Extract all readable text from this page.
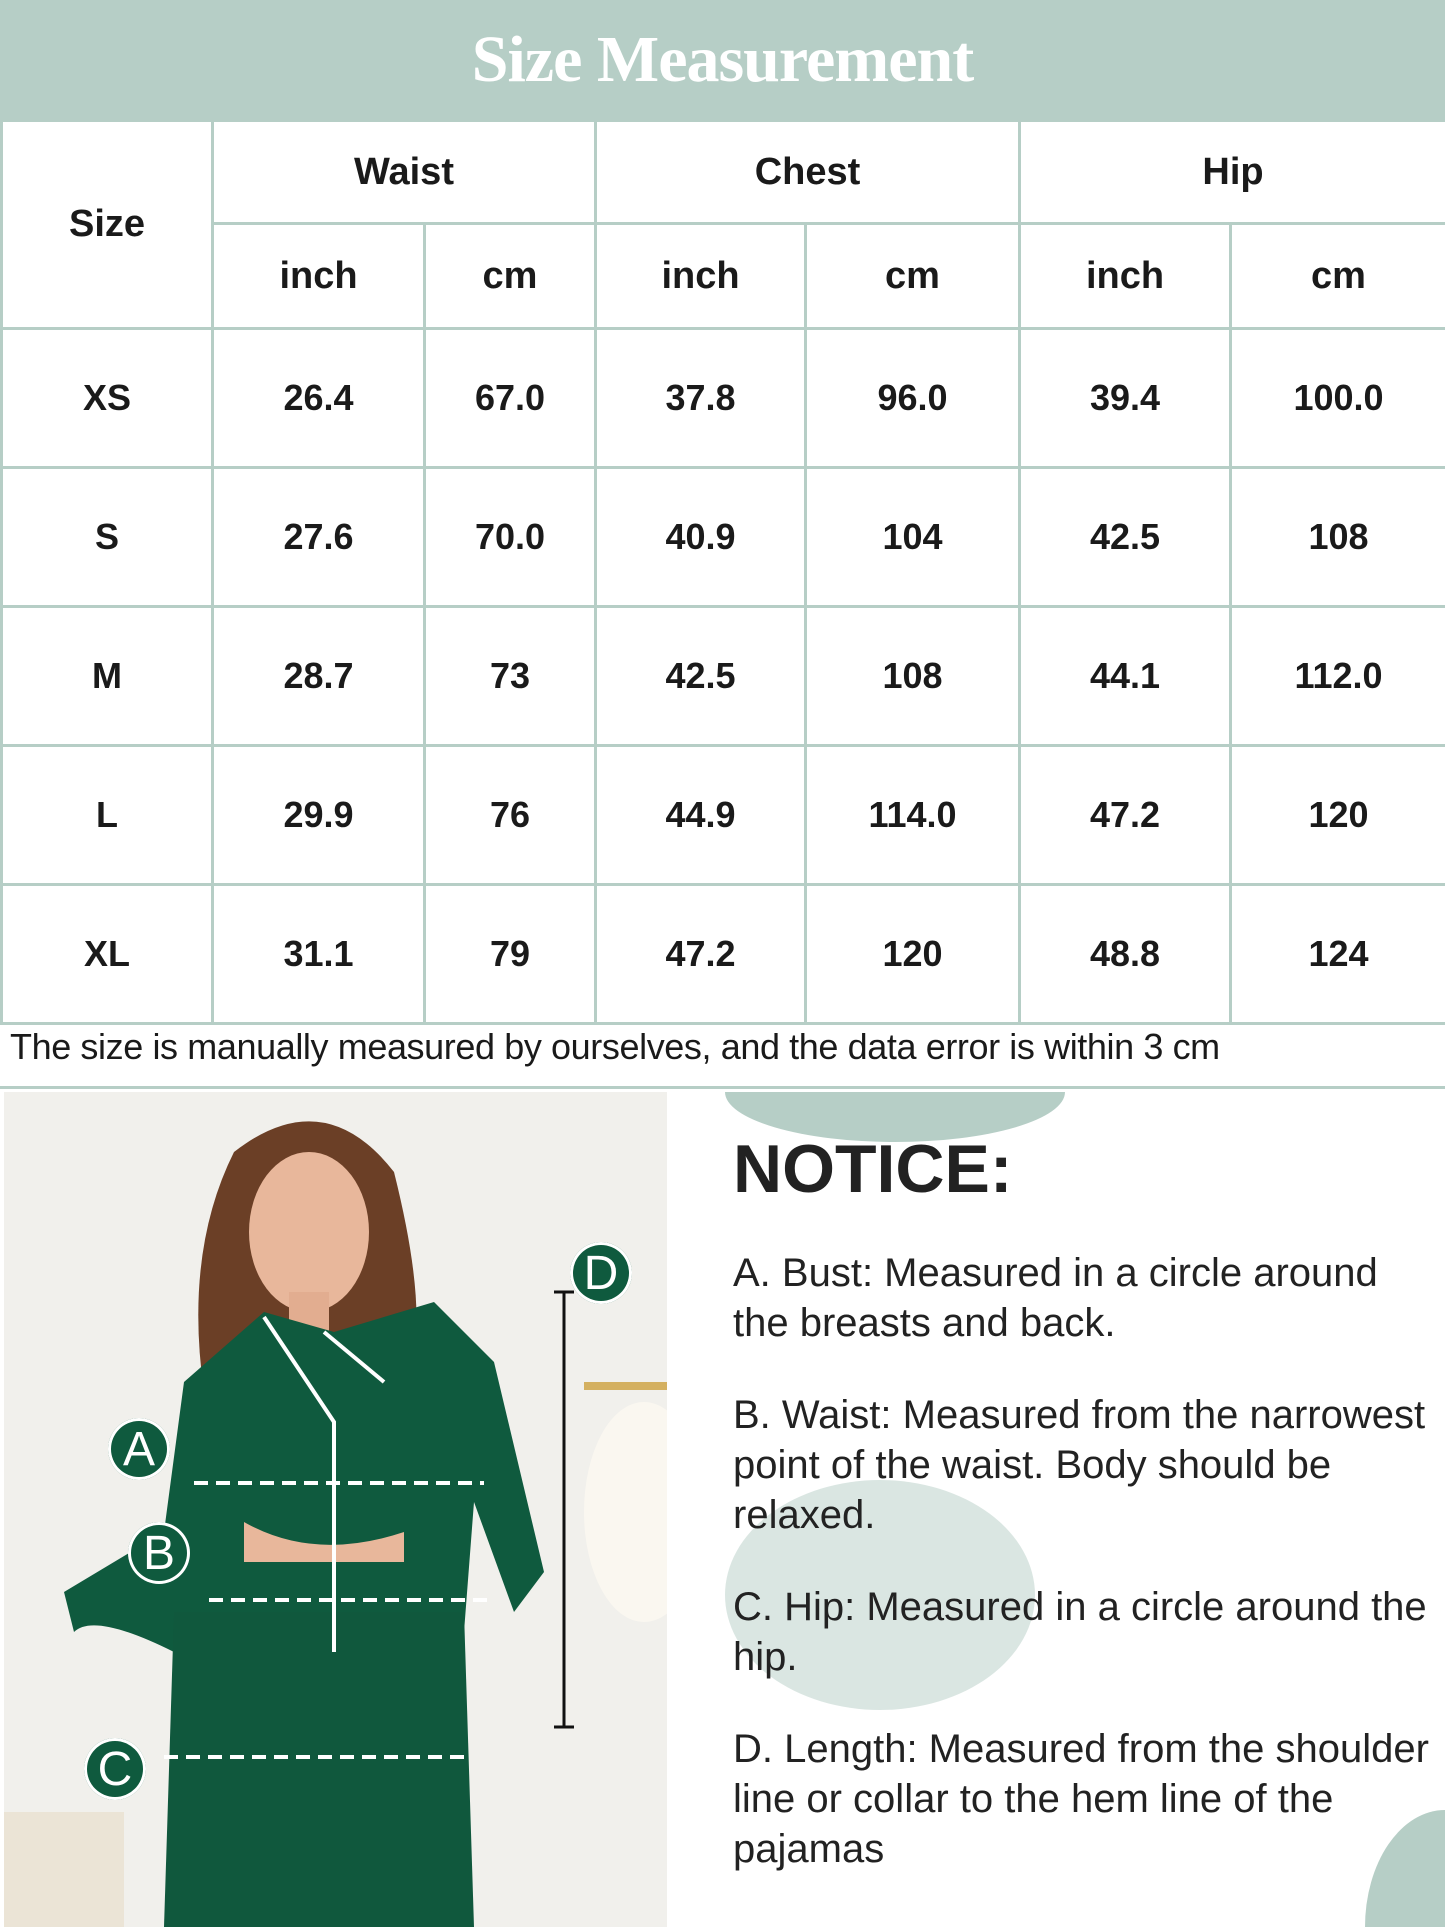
Size Measurement
Size	Waist		Chest		Hip	
	inch	cm	inch	cm	inch	cm
XS	26.4	67.0	37.8	96.0	39.4	100.0
S	27.6	70.0	40.9	104	42.5	108
M	28.7	73	42.5	108	44.1	112.0
L	29.9	76	44.9	114.0	47.2	120
XL	31.1	79	47.2	120	48.8	124
The size is manually measured by ourselves, and the data error is within 3 cm
A
B
C
D
NOTICE:

A. Bust: Measured in a circle around the breasts and back.

B. Waist: Measured from the narrowest point of the waist. Body should be relaxed.

C. Hip: Measured in a circle around the hip.

D. Length: Measured from the shoulder line or collar to the hem line of the pajamas
